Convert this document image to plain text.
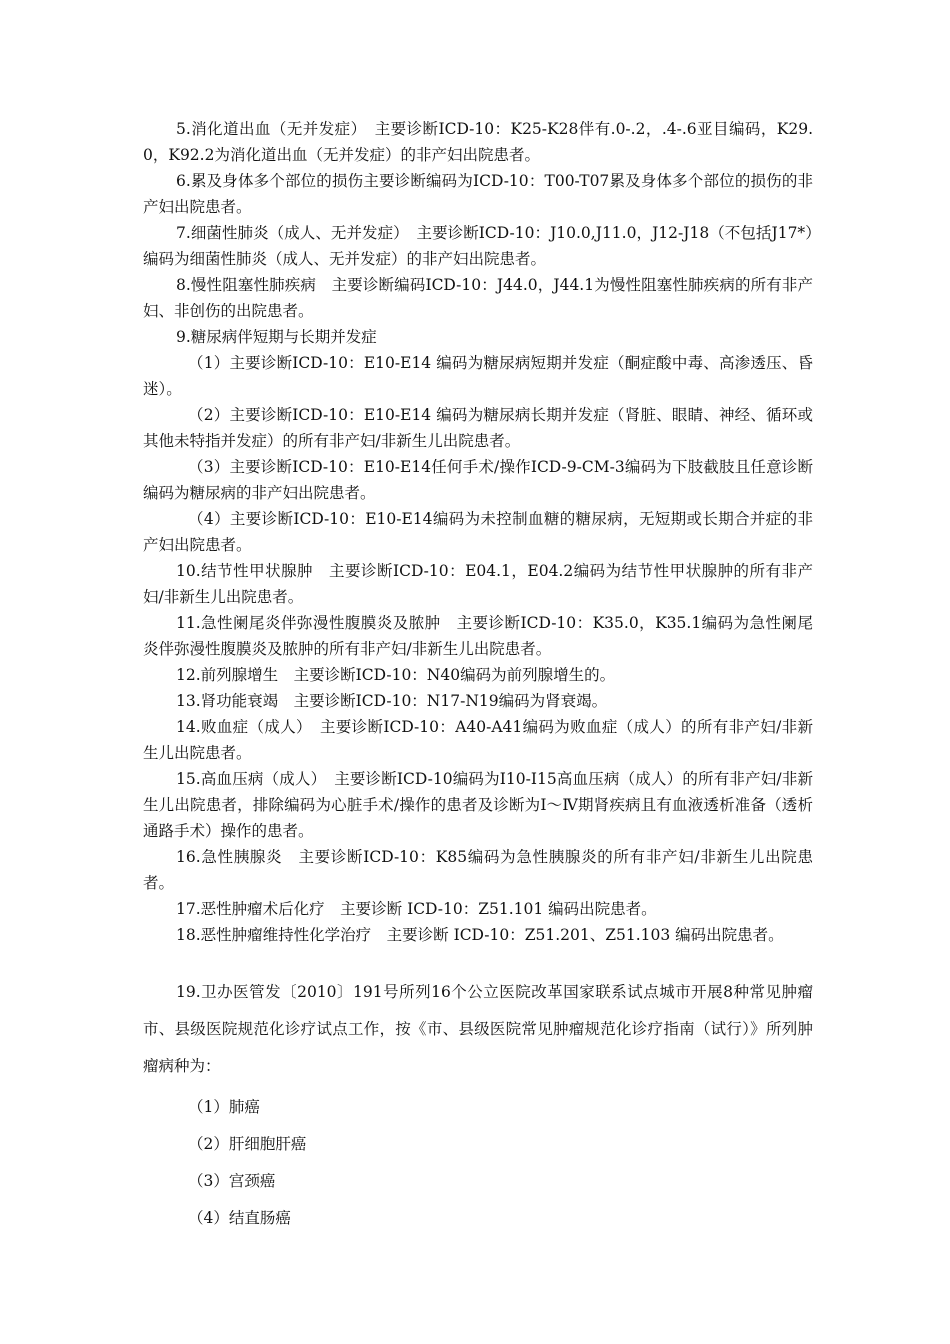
5.消化道出血（无并发症）　主要诊断ICD-10：K25-K28伴有.0-.2，.4-.6亚目编码，K29.0，K92.2为消化道出血（无并发症）的非产妇出院患者。
6.累及身体多个部位的损伤主要诊断编码为ICD-10：T00-T07累及身体多个部位的损伤的非产妇出院患者。
7.细菌性肺炎（成人、无并发症）　主要诊断ICD-10：J10.0,J11.0，J12-J18（不包括J17*）编码为细菌性肺炎（成人、无并发症）的非产妇出院患者。
8.慢性阻塞性肺疾病　主要诊断编码ICD-10：J44.0，J44.1为慢性阻塞性肺疾病的所有非产妇、非创伤的出院患者。
9.糖尿病伴短期与长期并发症
（1）主要诊断ICD-10：E10-E14 编码为糖尿病短期并发症（酮症酸中毒、高渗透压、昏迷）。
（2）主要诊断ICD-10：E10-E14 编码为糖尿病长期并发症（肾脏、眼睛、神经、循环或其他未特指并发症）的所有非产妇/非新生儿出院患者。
（3）主要诊断ICD-10：E10-E14任何手术/操作ICD-9-CM-3编码为下肢截肢且任意诊断编码为糖尿病的非产妇出院患者。
（4）主要诊断ICD-10：E10-E14编码为未控制血糖的糖尿病，无短期或长期合并症的非产妇出院患者。
10.结节性甲状腺肿　主要诊断ICD-10：E04.1，E04.2编码为结节性甲状腺肿的所有非产妇/非新生儿出院患者。
11.急性阑尾炎伴弥漫性腹膜炎及脓肿　主要诊断ICD-10：K35.0，K35.1编码为急性阑尾炎伴弥漫性腹膜炎及脓肿的所有非产妇/非新生儿出院患者。
12.前列腺增生　主要诊断ICD-10：N40编码为前列腺增生的。
13.肾功能衰竭　主要诊断ICD-10：N17-N19编码为肾衰竭。
14.败血症（成人）　主要诊断ICD-10：A40-A41编码为败血症（成人）的所有非产妇/非新生儿出院患者。
15.高血压病（成人）　主要诊断ICD-10编码为I10-I15高血压病（成人）的所有非产妇/非新生儿出院患者，排除编码为心脏手术/操作的患者及诊断为Ⅰ～Ⅳ期肾疾病且有血液透析准备（透析通路手术）操作的患者。
16.急性胰腺炎　主要诊断ICD-10：K85编码为急性胰腺炎的所有非产妇/非新生儿出院患者。
17.恶性肿瘤术后化疗　主要诊断 ICD-10：Z51.101 编码出院患者。
18.恶性肿瘤维持性化学治疗　主要诊断 ICD-10：Z51.201、Z51.103 编码出院患者。
19.卫办医管发〔2010〕191号所列16个公立医院改革国家联系试点城市开展8种常见肿瘤市、县级医院规范化诊疗试点工作，按《市、县级医院常见肿瘤规范化诊疗指南（试行）》所列肿瘤病种为：
（1）肺癌
（2）肝细胞肝癌
（3）宫颈癌
（4）结直肠癌
